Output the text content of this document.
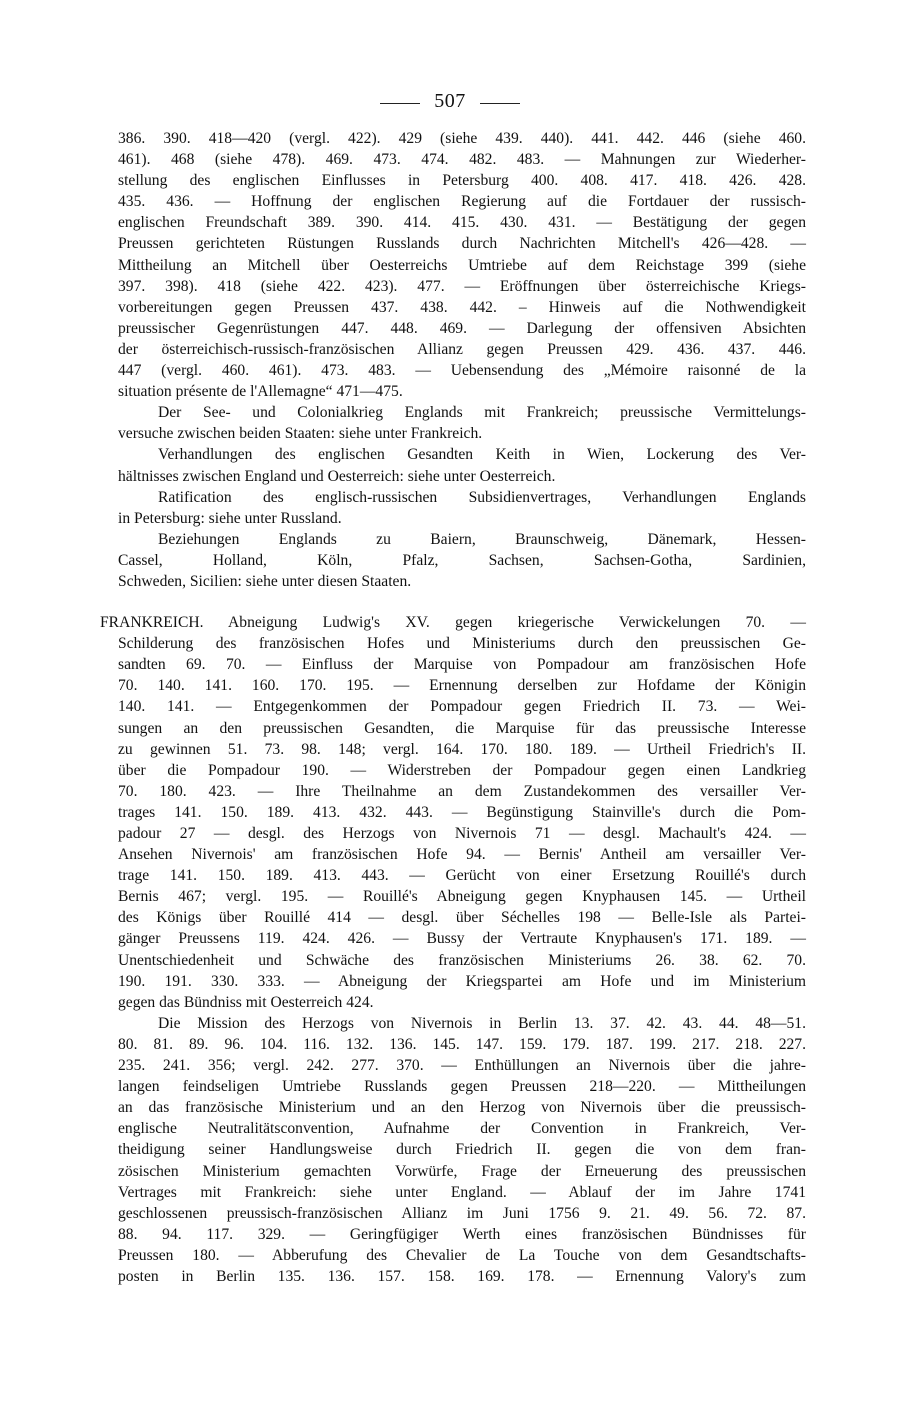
507
386. 390. 418—420 (vergl. 422). 429 (siehe 439. 440). 441. 442. 446 (siehe 460.
461). 468 (siehe 478). 469. 473. 474. 482. 483. — Mahnungen zur Wiederher-
stellung des englischen Einflusses in Petersburg 400. 408. 417. 418. 426. 428.
435. 436. — Hoffnung der englischen Regierung auf die Fortdauer der russisch-
englischen Freundschaft 389. 390. 414. 415. 430. 431. — Bestätigung der gegen
Preussen gerichteten Rüstungen Russlands durch Nachrichten Mitchell's 426—428. —
Mittheilung an Mitchell über Oesterreichs Umtriebe auf dem Reichstage 399 (siehe
397. 398). 418 (siehe 422. 423). 477. — Eröffnungen über österreichische Kriegs-
vorbereitungen gegen Preussen 437. 438. 442. – Hinweis auf die Nothwendigkeit
preussischer Gegenrüstungen 447. 448. 469. — Darlegung der offensiven Absichten
der österreichisch-russisch-französischen Allianz gegen Preussen 429. 436. 437. 446.
447 (vergl. 460. 461). 473. 483. — Uebensendung des „Mémoire raisonné de la
situation présente de l'Allemagne“ 471—475.
Der See- und Colonialkrieg Englands mit Frankreich; preussische Vermittelungs-
versuche zwischen beiden Staaten: siehe unter Frankreich.
Verhandlungen des englischen Gesandten Keith in Wien, Lockerung des Ver-
hältnisses zwischen England und Oesterreich: siehe unter Oesterreich.
Ratification des englisch-russischen Subsidienvertrages, Verhandlungen Englands
in Petersburg: siehe unter Russland.
Beziehungen Englands zu Baiern, Braunschweig, Dänemark, Hessen-
Cassel, Holland, Köln, Pfalz, Sachsen, Sachsen-Gotha, Sardinien,
Schweden, Sicilien: siehe unter diesen Staaten.
FRANKREICH. Abneigung Ludwig's XV. gegen kriegerische Verwickelungen 70. —
Schilderung des französischen Hofes und Ministeriums durch den preussischen Ge-
sandten 69. 70. — Einfluss der Marquise von Pompadour am französischen Hofe
70. 140. 141. 160. 170. 195. — Ernennung derselben zur Hofdame der Königin
140. 141. — Entgegenkommen der Pompadour gegen Friedrich II. 73. — Wei-
sungen an den preussischen Gesandten, die Marquise für das preussische Interesse
zu gewinnen 51. 73. 98. 148; vergl. 164. 170. 180. 189. — Urtheil Friedrich's II.
über die Pompadour 190. — Widerstreben der Pompadour gegen einen Landkrieg
70. 180. 423. — Ihre Theilnahme an dem Zustandekommen des versailler Ver-
trages 141. 150. 189. 413. 432. 443. — Begünstigung Stainville's durch die Pom-
padour 27 — desgl. des Herzogs von Nivernois 71 — desgl. Machault's 424. —
Ansehen Nivernois' am französischen Hofe 94. — Bernis' Antheil am versailler Ver-
trage 141. 150. 189. 413. 443. — Gerücht von einer Ersetzung Rouillé's durch
Bernis 467; vergl. 195. — Rouillé's Abneigung gegen Knyphausen 145. — Urtheil
des Königs über Rouillé 414 — desgl. über Séchelles 198 — Belle-Isle als Partei-
gänger Preussens 119. 424. 426. — Bussy der Vertraute Knyphausen's 171. 189. —
Unentschiedenheit und Schwäche des französischen Ministeriums 26. 38. 62. 70.
190. 191. 330. 333. — Abneigung der Kriegspartei am Hofe und im Ministerium
gegen das Bündniss mit Oesterreich 424.
Die Mission des Herzogs von Nivernois in Berlin 13. 37. 42. 43. 44. 48—51.
80. 81. 89. 96. 104. 116. 132. 136. 145. 147. 159. 179. 187. 199. 217. 218. 227.
235. 241. 356; vergl. 242. 277. 370. — Enthüllungen an Nivernois über die jahre-
langen feindseligen Umtriebe Russlands gegen Preussen 218—220. — Mittheilungen
an das französische Ministerium und an den Herzog von Nivernois über die preussisch-
englische Neutralitätsconvention, Aufnahme der Convention in Frankreich, Ver-
theidigung seiner Handlungsweise durch Friedrich II. gegen die von dem fran-
zösischen Ministerium gemachten Vorwürfe, Frage der Erneuerung des preussischen
Vertrages mit Frankreich: siehe unter England. — Ablauf der im Jahre 1741
geschlossenen preussisch-französischen Allianz im Juni 1756 9. 21. 49. 56. 72. 87.
88. 94. 117. 329. — Geringfügiger Werth eines französischen Bündnisses für
Preussen 180. — Abberufung des Chevalier de La Touche von dem Gesandtschafts-
posten in Berlin 135. 136. 157. 158. 169. 178. — Ernennung Valory's zum
